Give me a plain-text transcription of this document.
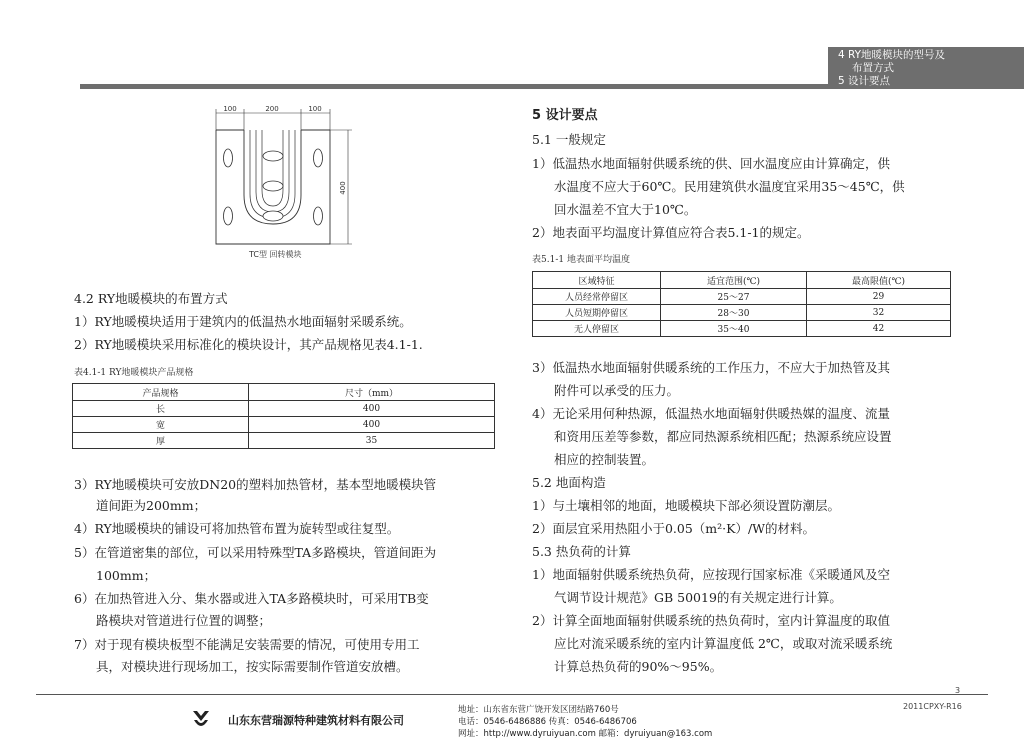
4 RY地暖模块的型号及
布置方式
5 设计要点
100	200	100
400
TC型 回转模块
4.2 RY地暖模块的布置方式
1）RY地暖模块适用于建筑内的低温热水地面辐射采暖系统。
2）RY地暖模块采用标准化的模块设计，其产品规格见表4.1-1.
表4.1-1 RY地暖模块产品规格
产品规格	尺寸（mm）
长	400
宽	400
厚	35
3）RY地暖模块可安放DN20的塑料加热管材，基本型地暖模块管
道间距为200mm；
4）RY地暖模块的铺设可将加热管布置为旋转型或往复型。
5）在管道密集的部位，可以采用特殊型TA多路模块，管道间距为
100mm；
6）在加热管进入分、集水器或进入TA多路模块时，可采用TB变
路模块对管道进行位置的调整；
7）对于现有模块板型不能满足安装需要的情况，可使用专用工
具，对模块进行现场加工，按实际需要制作管道安放槽。
5 设计要点
5.1 一般规定
1）低温热水地面辐射供暖系统的供、回水温度应由计算确定，供
水温度不应大于60℃。民用建筑供水温度宜采用35～45℃，供
回水温差不宜大于10℃。
2）地表面平均温度计算值应符合表5.1-1的规定。
表5.1-1 地表面平均温度
区域特征	适宜范围(℃)	最高限值(℃)
人员经常停留区	25～27	29
人员短期停留区	28～30	32
无人停留区	35～40	42
3）低温热水地面辐射供暖系统的工作压力，不应大于加热管及其
附件可以承受的压力。
4）无论采用何种热源，低温热水地面辐射供暖热媒的温度、流量
和资用压差等参数，都应同热源系统相匹配；热源系统应设置
相应的控制装置。
5.2 地面构造
1）与土壤相邻的地面，地暖模块下部必须设置防潮层。
2）面层宜采用热阻小于0.05（m²·K）/W的材料。
5.3 热负荷的计算
1）地面辐射供暖系统热负荷，应按现行国家标准《采暖通风及空
气调节设计规范》GB 50019的有关规定进行计算。
2）计算全面地面辐射供暖系统的热负荷时，室内计算温度的取值
应比对流采暖系统的室内计算温度低 2℃，或取对流采暖系统
计算总热负荷的90%～95%。
3
2011CPXY-R16
山东东营瑞源特种建筑材料有限公司
地址：山东省东营广饶开发区团结路760号
电话：0546-6486886 传真：0546-6486706
网址：http://www.dyruiyuan.com 邮箱：dyruiyuan@163.com
